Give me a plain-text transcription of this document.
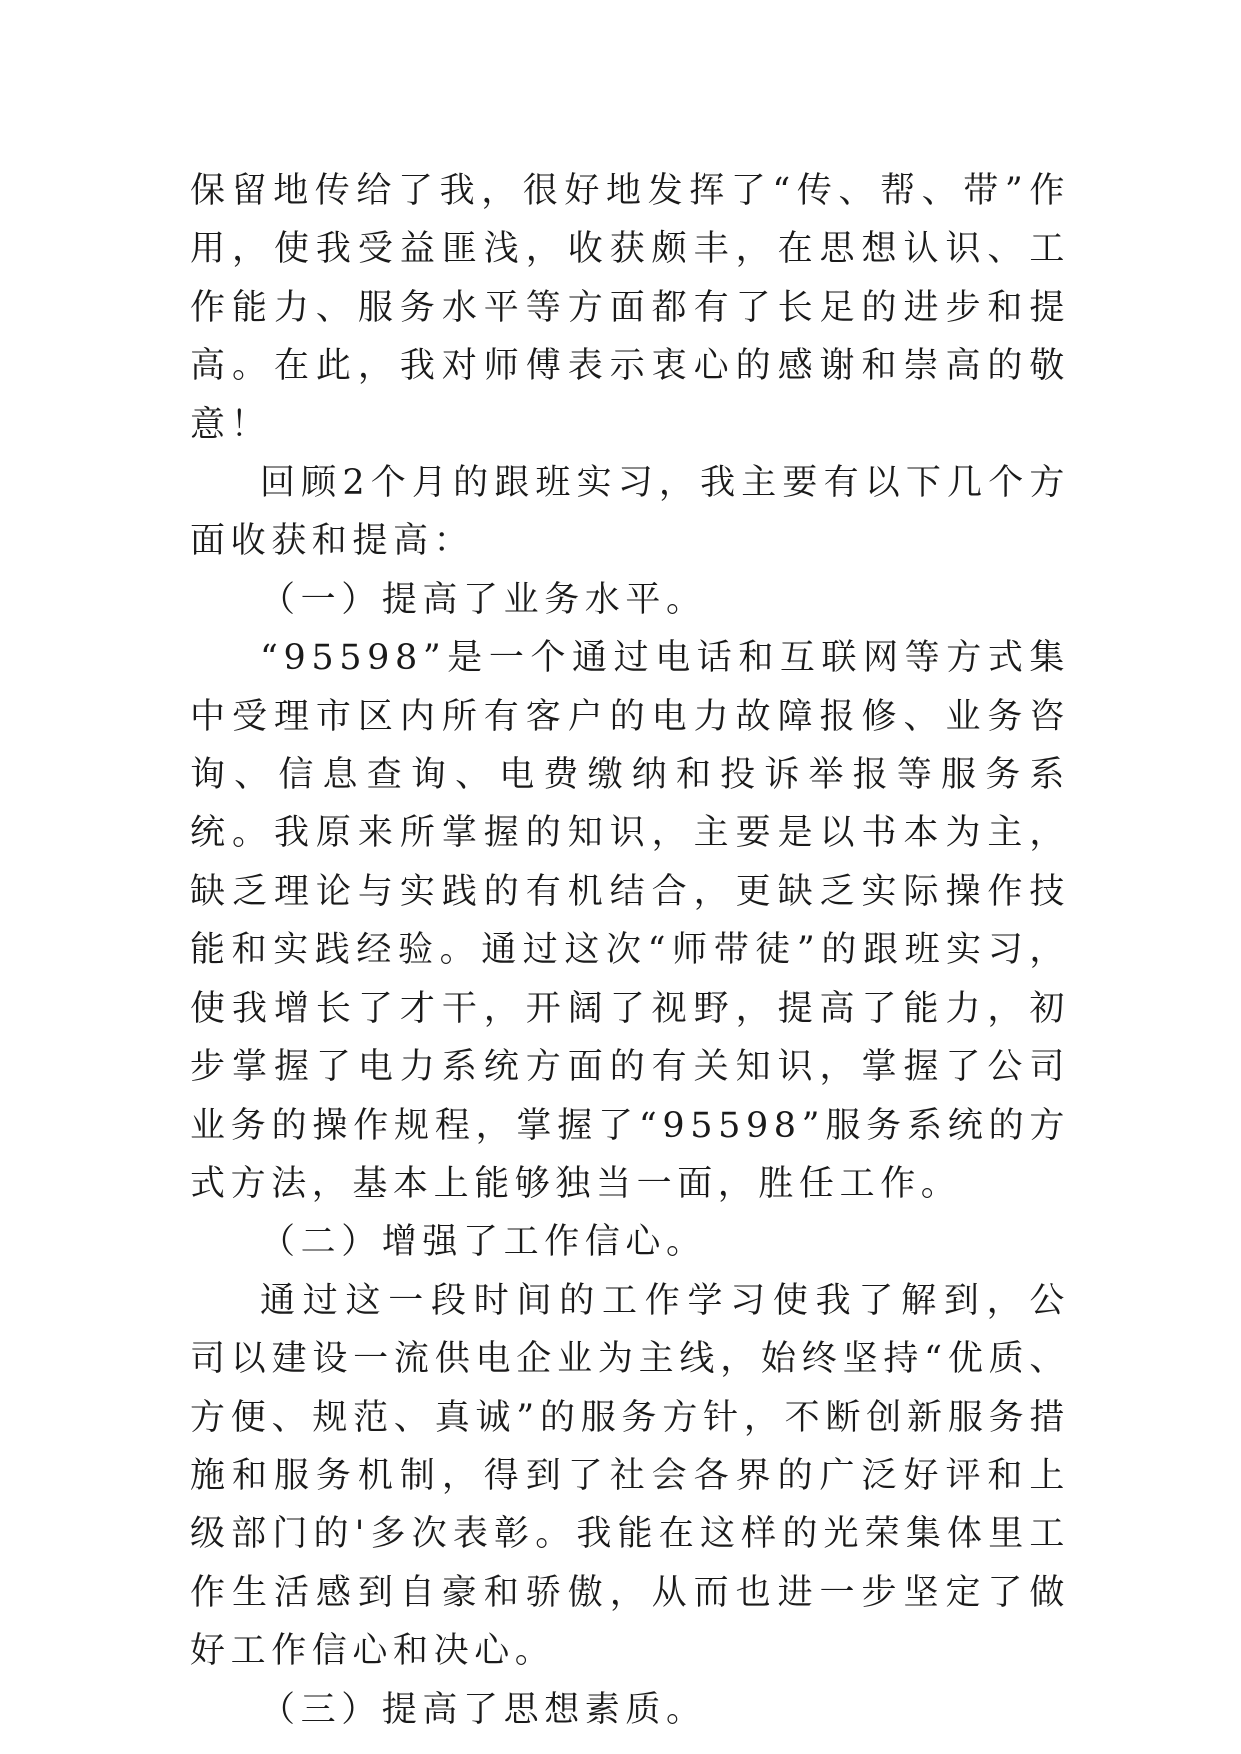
保留地传给了我，很好地发挥了“传、帮、带”作用，使我受益匪浅，收获颇丰，在思想认识、工作能力、服务水平等方面都有了长足的进步和提高。在此，我对师傅表示衷心的感谢和崇高的敬意！

回顾2个月的跟班实习，我主要有以下几个方面收获和提高：

（一）提高了业务水平。

“95598”是一个通过电话和互联网等方式集中受理市区内所有客户的电力故障报修、业务咨询、信息查询、电费缴纳和投诉举报等服务系统。我原来所掌握的知识，主要是以书本为主，缺乏理论与实践的有机结合，更缺乏实际操作技能和实践经验。通过这次“师带徒”的跟班实习，使我增长了才干，开阔了视野，提高了能力，初步掌握了电力系统方面的有关知识，掌握了公司业务的操作规程，掌握了“95598”服务系统的方式方法，基本上能够独当一面，胜任工作。

（二）增强了工作信心。

通过这一段时间的工作学习使我了解到，公司以建设一流供电企业为主线，始终坚持“优质、方便、规范、真诚”的服务方针，不断创新服务措施和服务机制，得到了社会各界的广泛好评和上级部门的'多次表彰。我能在这样的光荣集体里工作生活感到自豪和骄傲，从而也进一步坚定了做好工作信心和决心。

（三）提高了思想素质。
